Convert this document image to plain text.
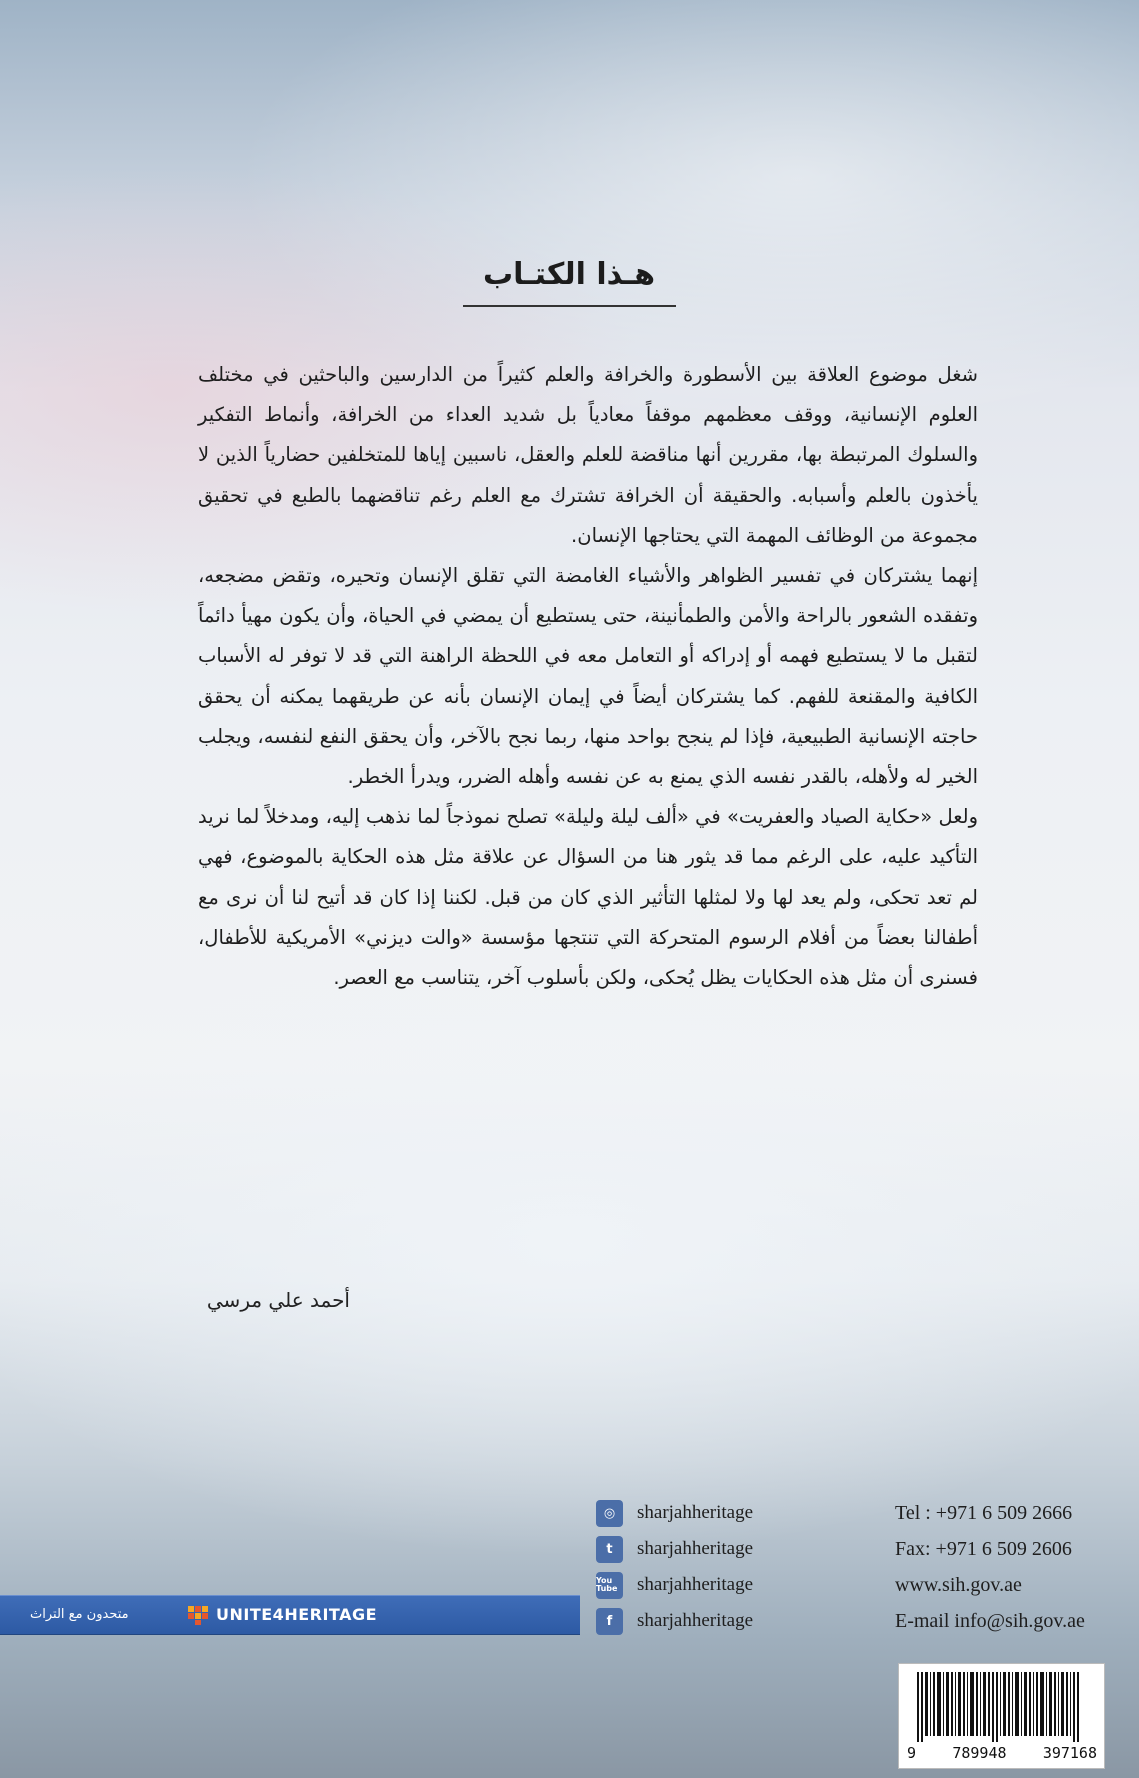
هـذا الكتـاب

شغل موضوع العلاقة بين الأسطورة والخرافة والعلم كثيراً من الدارسين والباحثين في مختلف العلوم الإنسانية، ووقف معظمهم موقفاً معادياً بل شديد العداء من الخرافة، وأنماط التفكير والسلوك المرتبطة بها، مقررين أنها مناقضة للعلم والعقل، ناسبين إياها للمتخلفين حضارياً الذين لا يأخذون بالعلم وأسبابه. والحقيقة أن الخرافة تشترك مع العلم رغم تناقضهما بالطبع في تحقيق مجموعة من الوظائف المهمة التي يحتاجها الإنسان.

إنهما يشتركان في تفسير الظواهر والأشياء الغامضة التي تقلق الإنسان وتحيره، وتقض مضجعه، وتفقده الشعور بالراحة والأمن والطمأنينة، حتى يستطيع أن يمضي في الحياة، وأن يكون مهيأ دائماً لتقبل ما لا يستطيع فهمه أو إدراكه أو التعامل معه في اللحظة الراهنة التي قد لا توفر له الأسباب الكافية والمقنعة للفهم. كما يشتركان أيضاً في إيمان الإنسان بأنه عن طريقهما يمكنه أن يحقق حاجته الإنسانية الطبيعية، فإذا لم ينجح بواحد منها، ربما نجح بالآخر، وأن يحقق النفع لنفسه، ويجلب الخير له ولأهله، بالقدر نفسه الذي يمنع به عن نفسه وأهله الضرر، ويدرأ الخطر.

ولعل «حكاية الصياد والعفريت» في «ألف ليلة وليلة» تصلح نموذجاً لما نذهب إليه، ومدخلاً لما نريد التأكيد عليه، على الرغم مما قد يثور هنا من السؤال عن علاقة مثل هذه الحكاية بالموضوع، فهي لم تعد تحكى، ولم يعد لها ولا لمثلها التأثير الذي كان من قبل. لكننا إذا كان قد أتيح لنا أن نرى مع أطفالنا بعضاً من أفلام الرسوم المتحركة التي تنتجها مؤسسة «والت ديزني» الأمريكية للأطفال، فسنرى أن مثل هذه الحكايات يظل يُحكى، ولكن بأسلوب آخر، يتناسب مع العصر.

أحمد علي مرسي
◎	sharjahheritage
t	sharjahheritage
You Tube sharjahheritage
f	sharjahheritage
Tel : +971 6 509 2666
Fax: +971 6 509 2606
www.sih.gov.ae
E-mail info@sih.gov.ae
متحدون مع التراث	UNITE4HERITAGE
9 789948 397168
